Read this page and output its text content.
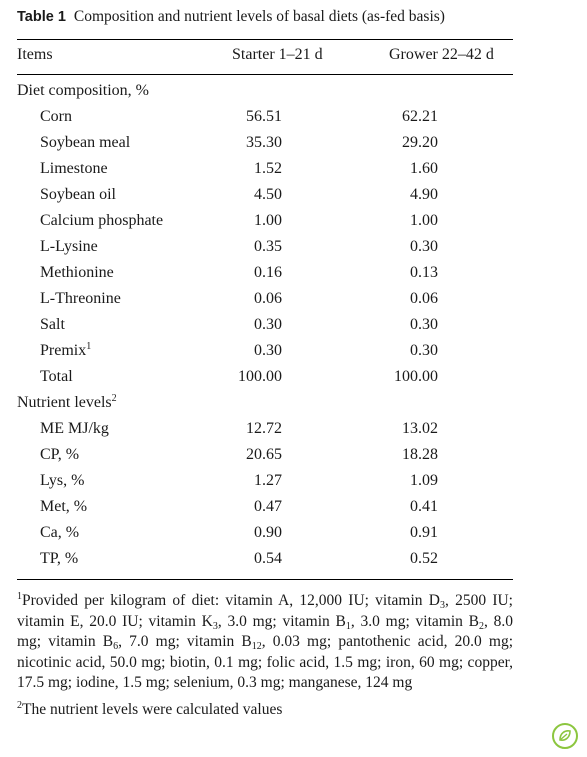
Table 1 Composition and nutrient levels of basal diets (as-fed basis)
Items	Starter 1–21 d	Grower 22–42 d
Diet composition, %
Corn	56.51	62.21
Soybean meal	35.30	29.20
Limestone	1.52	1.60
Soybean oil	4.50	4.90
Calcium phosphate	1.00	1.00
L-Lysine	0.35	0.30
Methionine	0.16	0.13
L-Threonine	0.06	0.06
Salt	0.30	0.30
Premix$^1$	0.30	0.30
Total	100.00	100.00
Nutrient levels$^2$
ME MJ/kg	12.72	13.02
CP, %	20.65	18.28
Lys, %	1.27	1.09
Met, %	0.47	0.41
Ca, %	0.90	0.91
TP, %	0.54	0.52

$^1$Provided per kilogram of diet: vitamin A, 12,000 IU; vitamin $D_3$, 2500 IU; vitamin E, 20.0 IU; vitamin $K_3$, 3.0 mg; vitamin $B_1$, 3.0 mg; vitamin $B_2$, 8.0 mg; vitamin $B_6$, 7.0 mg; vitamin $B_{12}$, 0.03 mg; pantothenic acid, 20.0 mg; nicotinic acid, 50.0 mg; biotin, 0.1 mg; folic acid, 1.5 mg; iron, 60 mg; copper, 17.5 mg; iodine, 1.5 mg; selenium, 0.3 mg; manganese, 124 mg

$^2$The nutrient levels were calculated values
